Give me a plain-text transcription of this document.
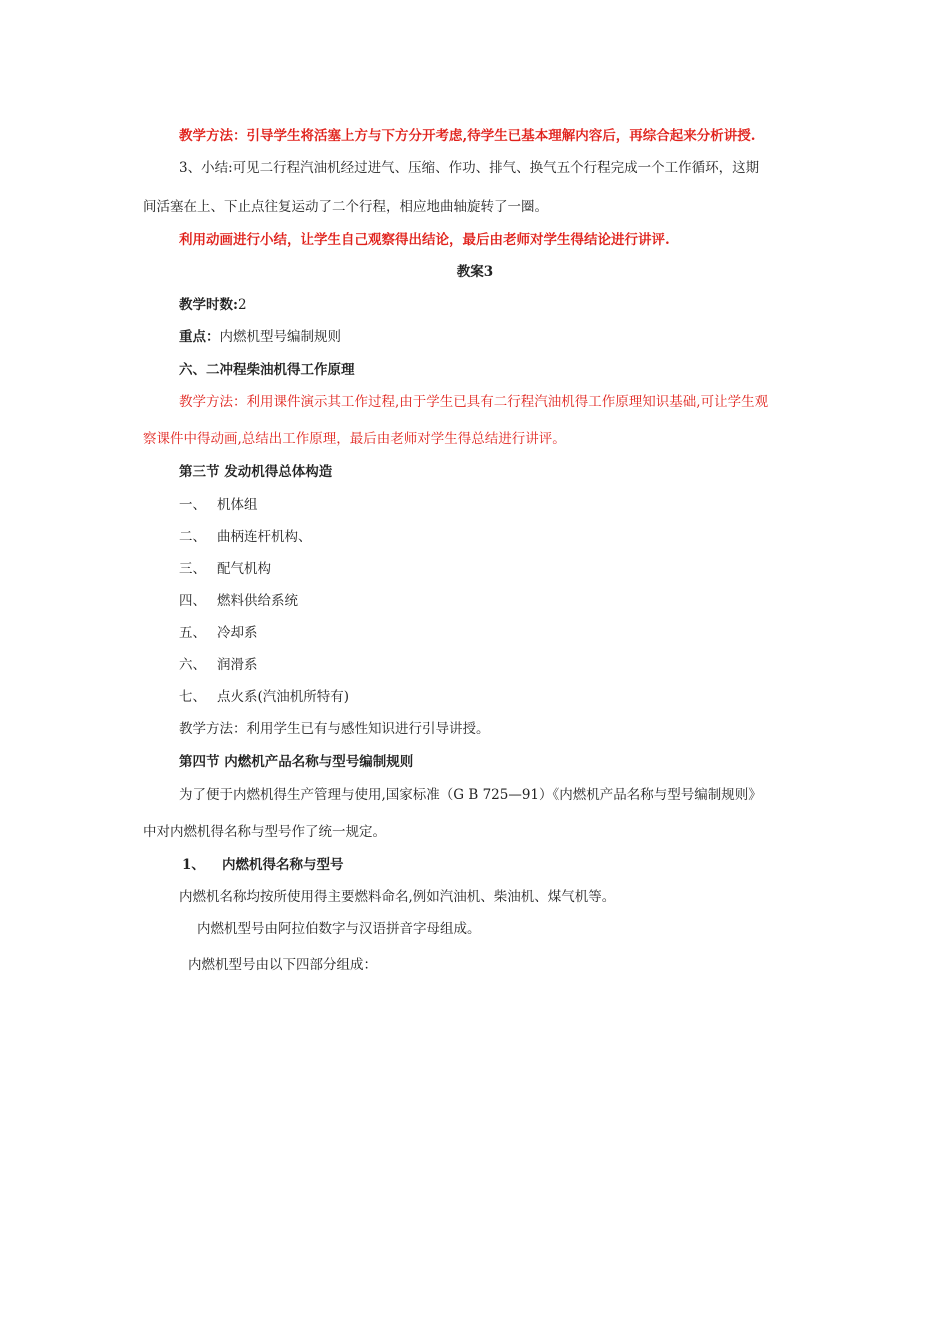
教学方法：引导学生将活塞上方与下方分开考虑,待学生已基本理解内容后，再综合起来分析讲授.
3、小结:可见二行程汽油机经过进气、压缩、作功、排气、换气五个行程完成一个工作循环，这期
间活塞在上、下止点往复运动了二个行程，相应地曲轴旋转了一圈。
利用动画进行小结，让学生自己观察得出结论，最后由老师对学生得结论进行讲评.
教案3
教学时数:2
重点：内燃机型号编制规则
六、二冲程柴油机得工作原理
教学方法：利用课件演示其工作过程,由于学生已具有二行程汽油机得工作原理知识基础,可让学生观
察课件中得动画,总结出工作原理，最后由老师对学生得总结进行讲评。
第三节 发动机得总体构造
一、 机体组
二、 曲柄连杆机构、
三、 配气机构
四、 燃料供给系统
五、 冷却系
六、 润滑系
七、 点火系(汽油机所特有)
教学方法：利用学生已有与感性知识进行引导讲授。
第四节 内燃机产品名称与型号编制规则
为了便于内燃机得生产管理与使用,国家标准（G B 725—91）《内燃机产品名称与型号编制规则》
中对内燃机得名称与型号作了统一规定。
1、 内燃机得名称与型号
内燃机名称均按所使用得主要燃料命名,例如汽油机、柴油机、煤气机等。
内燃机型号由阿拉伯数字与汉语拼音字母组成。
内燃机型号由以下四部分组成：
